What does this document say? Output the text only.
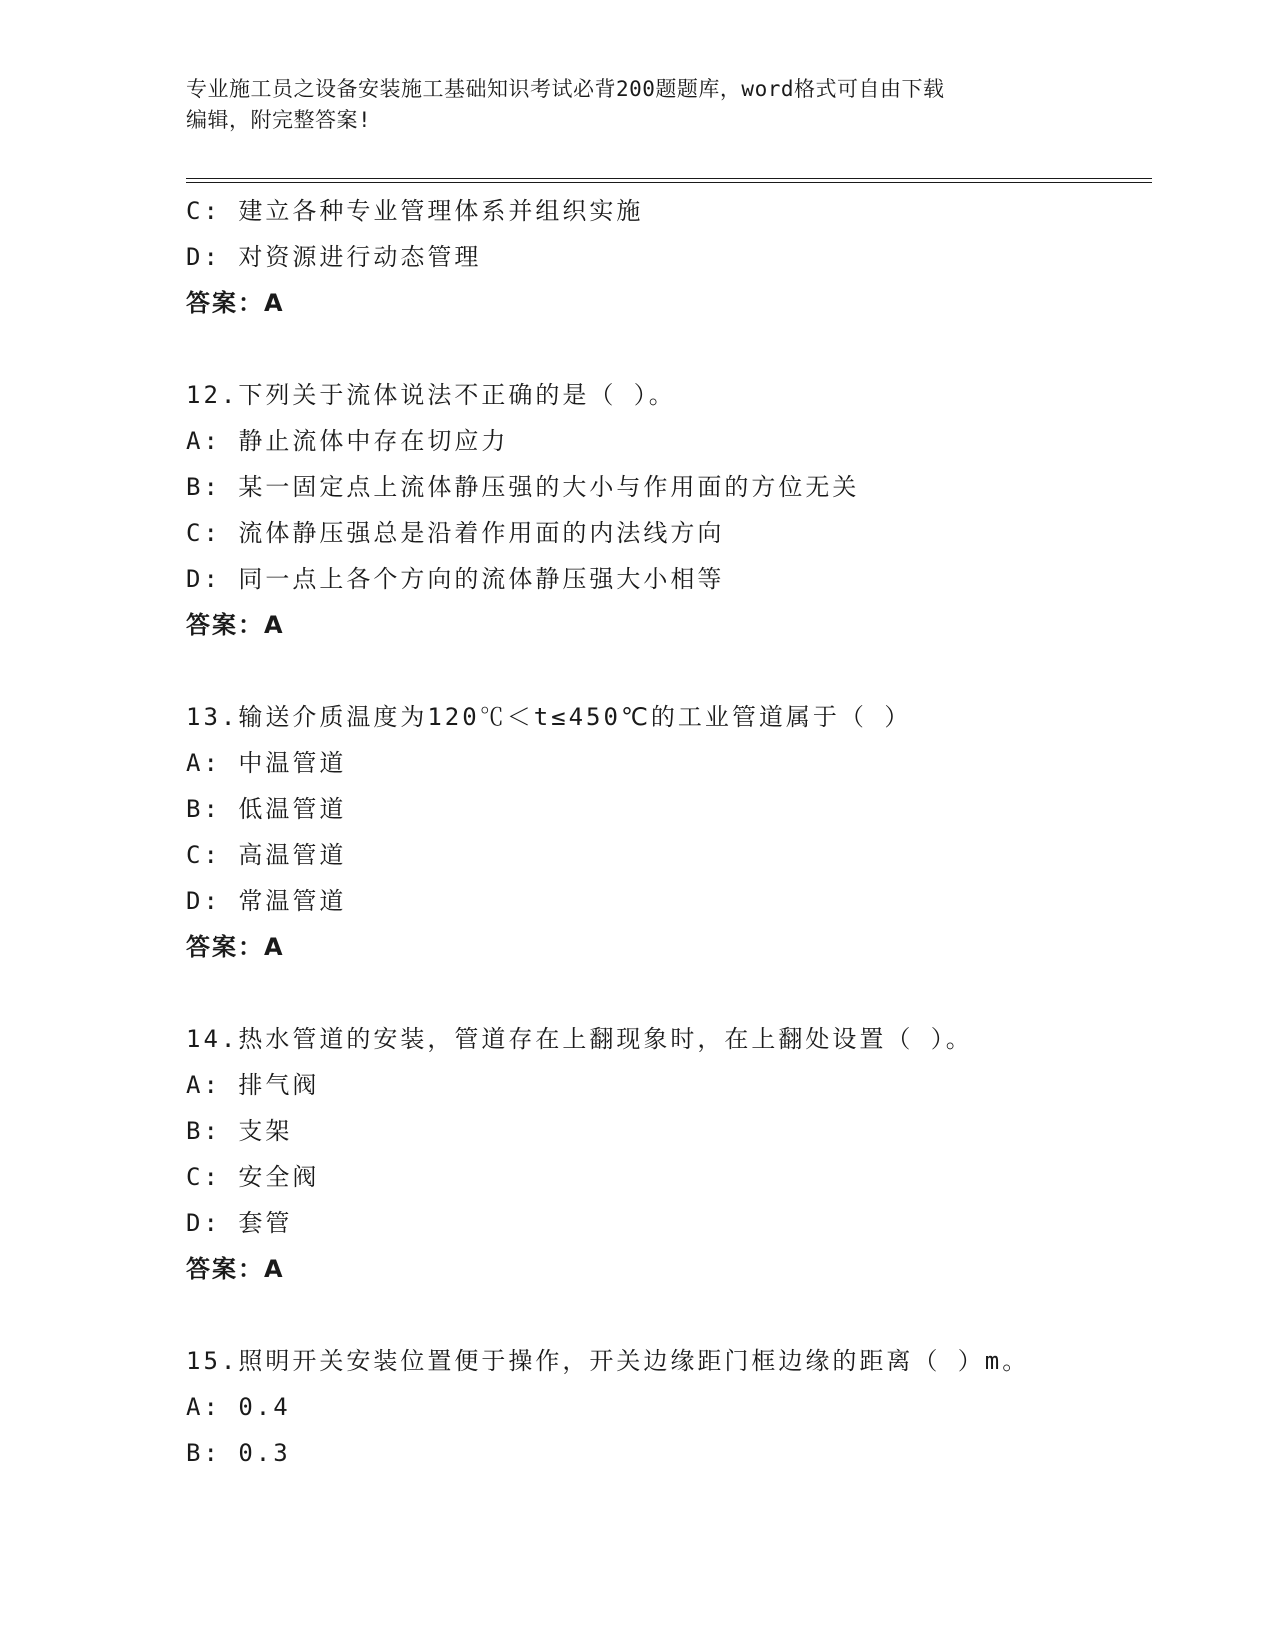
专业施工员之设备安装施工基础知识考试必背200题题库，word格式可自由下载
编辑，附完整答案!
C: 建立各种专业管理体系并组织实施
D: 对资源进行动态管理
答案：A
12.下列关于流体说法不正确的是（ ）。
A: 静止流体中存在切应力
B: 某一固定点上流体静压强的大小与作用面的方位无关
C: 流体静压强总是沿着作用面的内法线方向
D: 同一点上各个方向的流体静压强大小相等
答案：A
13.输送介质温度为120℃＜t≤450℃的工业管道属于（ ）
A: 中温管道
B: 低温管道
C: 高温管道
D: 常温管道
答案：A
14.热水管道的安装，管道存在上翻现象时，在上翻处设置（ ）。
A: 排气阀
B: 支架
C: 安全阀
D: 套管
答案：A
15.照明开关安装位置便于操作，开关边缘距门框边缘的距离（ ）m。
A: 0.4
B: 0.3
